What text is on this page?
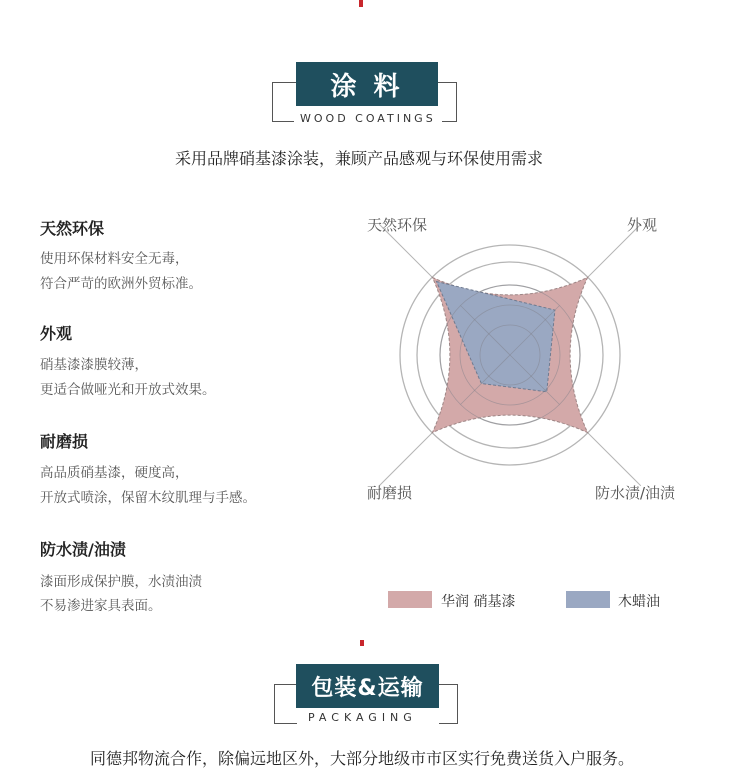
涂 料
WOOD COATINGS
采用品牌硝基漆涂装，兼顾产品感观与环保使用需求
天然环保
使用环保材料安全无毒，
符合严苛的欧洲外贸标准。
外观
硝基漆漆膜较薄，
更适合做哑光和开放式效果。
耐磨损
高品质硝基漆，硬度高，
开放式喷涂，保留木纹肌理与手感。
防水渍/油渍
漆面形成保护膜，水渍油渍
不易渗进家具表面。
天然环保	外观
耐磨损	防水渍/油渍
华润 硝基漆	木蜡油
包装&运输
PACKAGING
同德邦物流合作，除偏远地区外，大部分地级市市区实行免费送货入户服务。
